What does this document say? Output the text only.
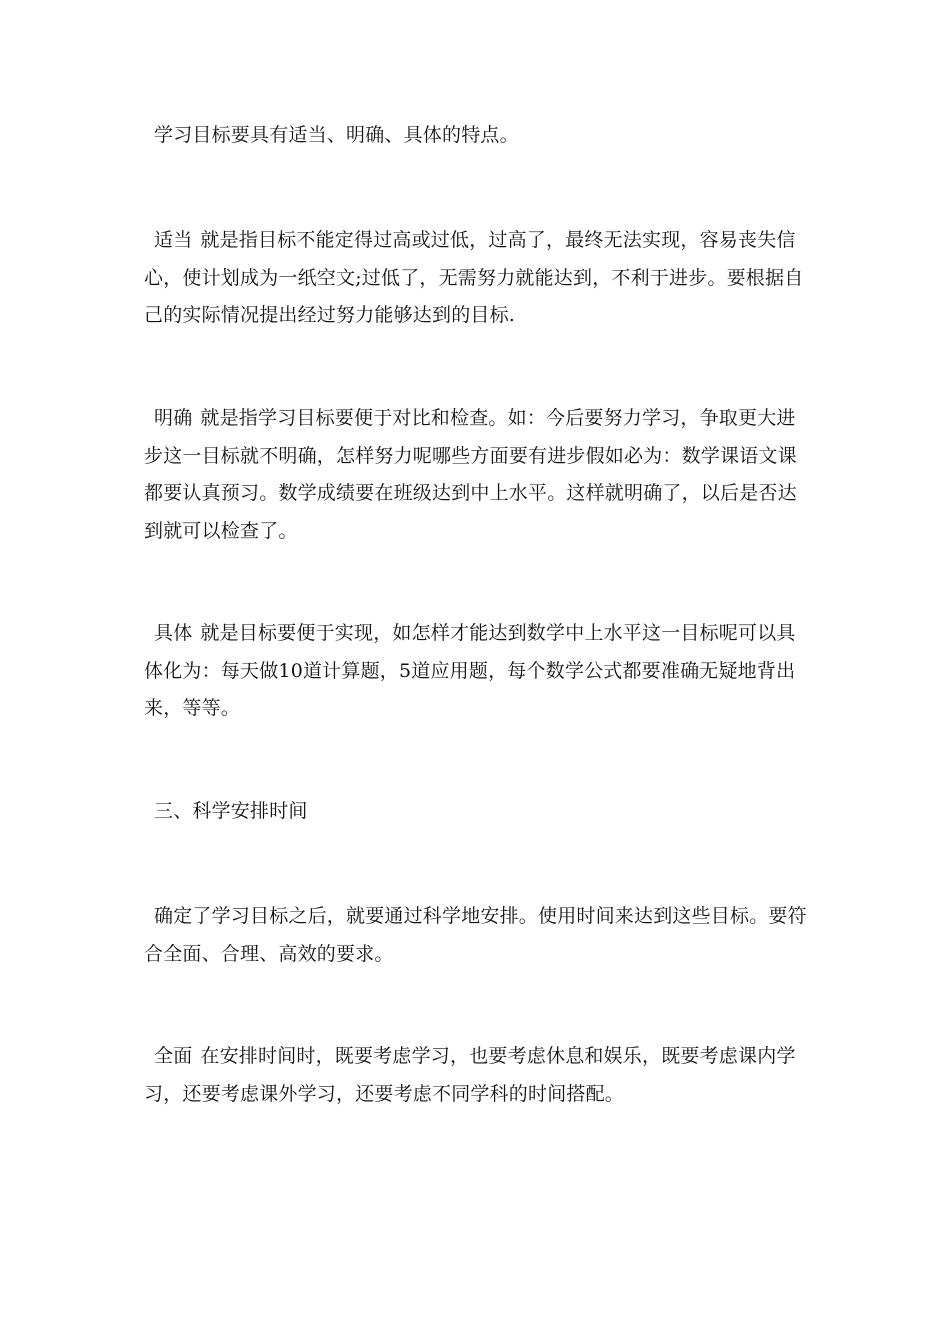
学习目标要具有适当、明确、具体的特点。

适当 就是指目标不能定得过高或过低，过高了，最终无法实现，容易丧失信心，使计划成为一纸空文;过低了，无需努力就能达到，不利于进步。要根据自己的实际情况提出经过努力能够达到的目标.

明确 就是指学习目标要便于对比和检查。如：今后要努力学习，争取更大进步这一目标就不明确，怎样努力呢哪些方面要有进步假如必为：数学课语文课都要认真预习。数学成绩要在班级达到中上水平。这样就明确了，以后是否达到就可以检查了。

具体 就是目标要便于实现，如怎样才能达到数学中上水平这一目标呢可以具体化为：每天做10道计算题，5道应用题，每个数学公式都要准确无疑地背出来，等等。

三、科学安排时间

确定了学习目标之后，就要通过科学地安排。使用时间来达到这些目标。要符合全面、合理、高效的要求。

全面 在安排时间时，既要考虑学习，也要考虑休息和娱乐，既要考虑课内学习，还要考虑课外学习，还要考虑不同学科的时间搭配。
